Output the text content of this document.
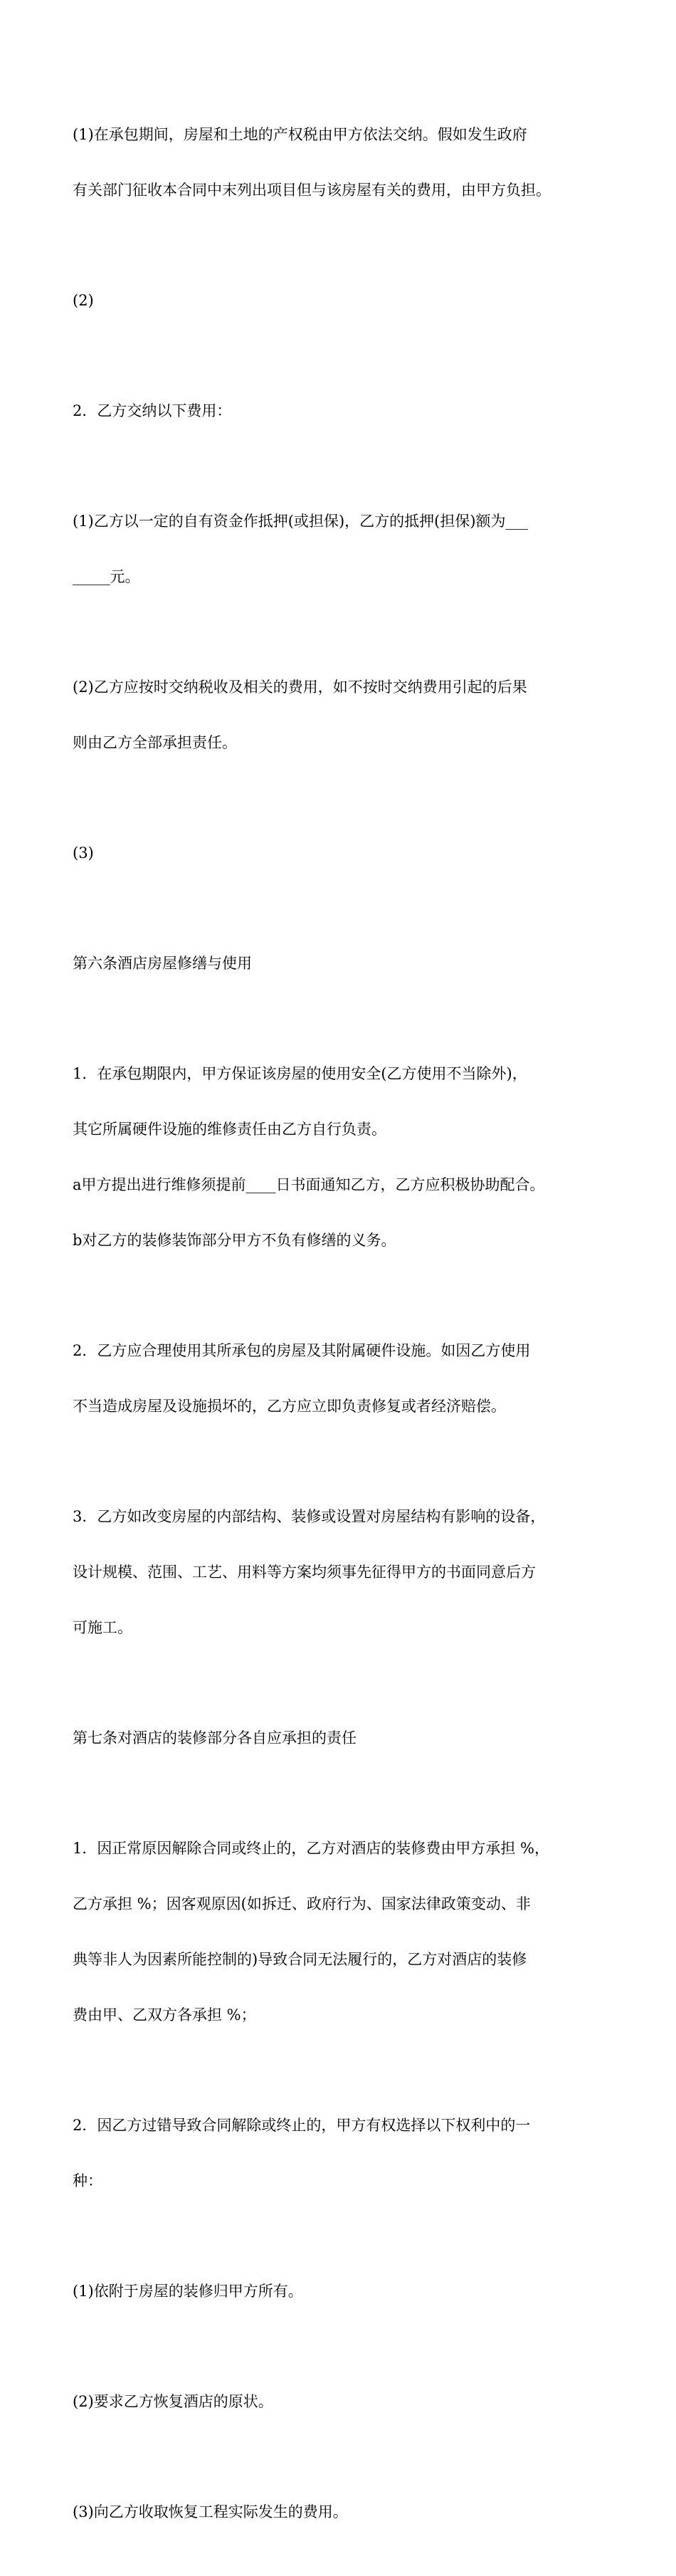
(1)在承包期间，房屋和土地的产权税由甲方依法交纳。假如发生政府

有关部门征收本合同中末列出项目但与该房屋有关的费用，由甲方负担。

(2)

2．乙方交纳以下费用：

(1)乙方以一定的自有资金作抵押(或担保)，乙方的抵押(担保)额为___

_____元。

(2)乙方应按时交纳税收及相关的费用，如不按时交纳费用引起的后果

则由乙方全部承担责任。

(3)

第六条酒店房屋修缮与使用

1．在承包期限内，甲方保证该房屋的使用安全(乙方使用不当除外)，

其它所属硬件设施的维修责任由乙方自行负责。

a甲方提出进行维修须提前____日书面通知乙方，乙方应积极协助配合。

b对乙方的装修装饰部分甲方不负有修缮的义务。

2．乙方应合理使用其所承包的房屋及其附属硬件设施。如因乙方使用

不当造成房屋及设施损坏的，乙方应立即负责修复或者经济赔偿。

3．乙方如改变房屋的内部结构、装修或设置对房屋结构有影响的设备，

设计规模、范围、工艺、用料等方案均须事先征得甲方的书面同意后方

可施工。

第七条对酒店的装修部分各自应承担的责任

1．因正常原因解除合同或终止的，乙方对酒店的装修费由甲方承担 %，

乙方承担 %；因客观原因(如拆迁、政府行为、国家法律政策变动、非

典等非人为因素所能控制的)导致合同无法履行的，乙方对酒店的装修

费由甲、乙双方各承担 %；

2．因乙方过错导致合同解除或终止的，甲方有权选择以下权利中的一

种：

(1)依附于房屋的装修归甲方所有。

(2)要求乙方恢复酒店的原状。

(3)向乙方收取恢复工程实际发生的费用。
